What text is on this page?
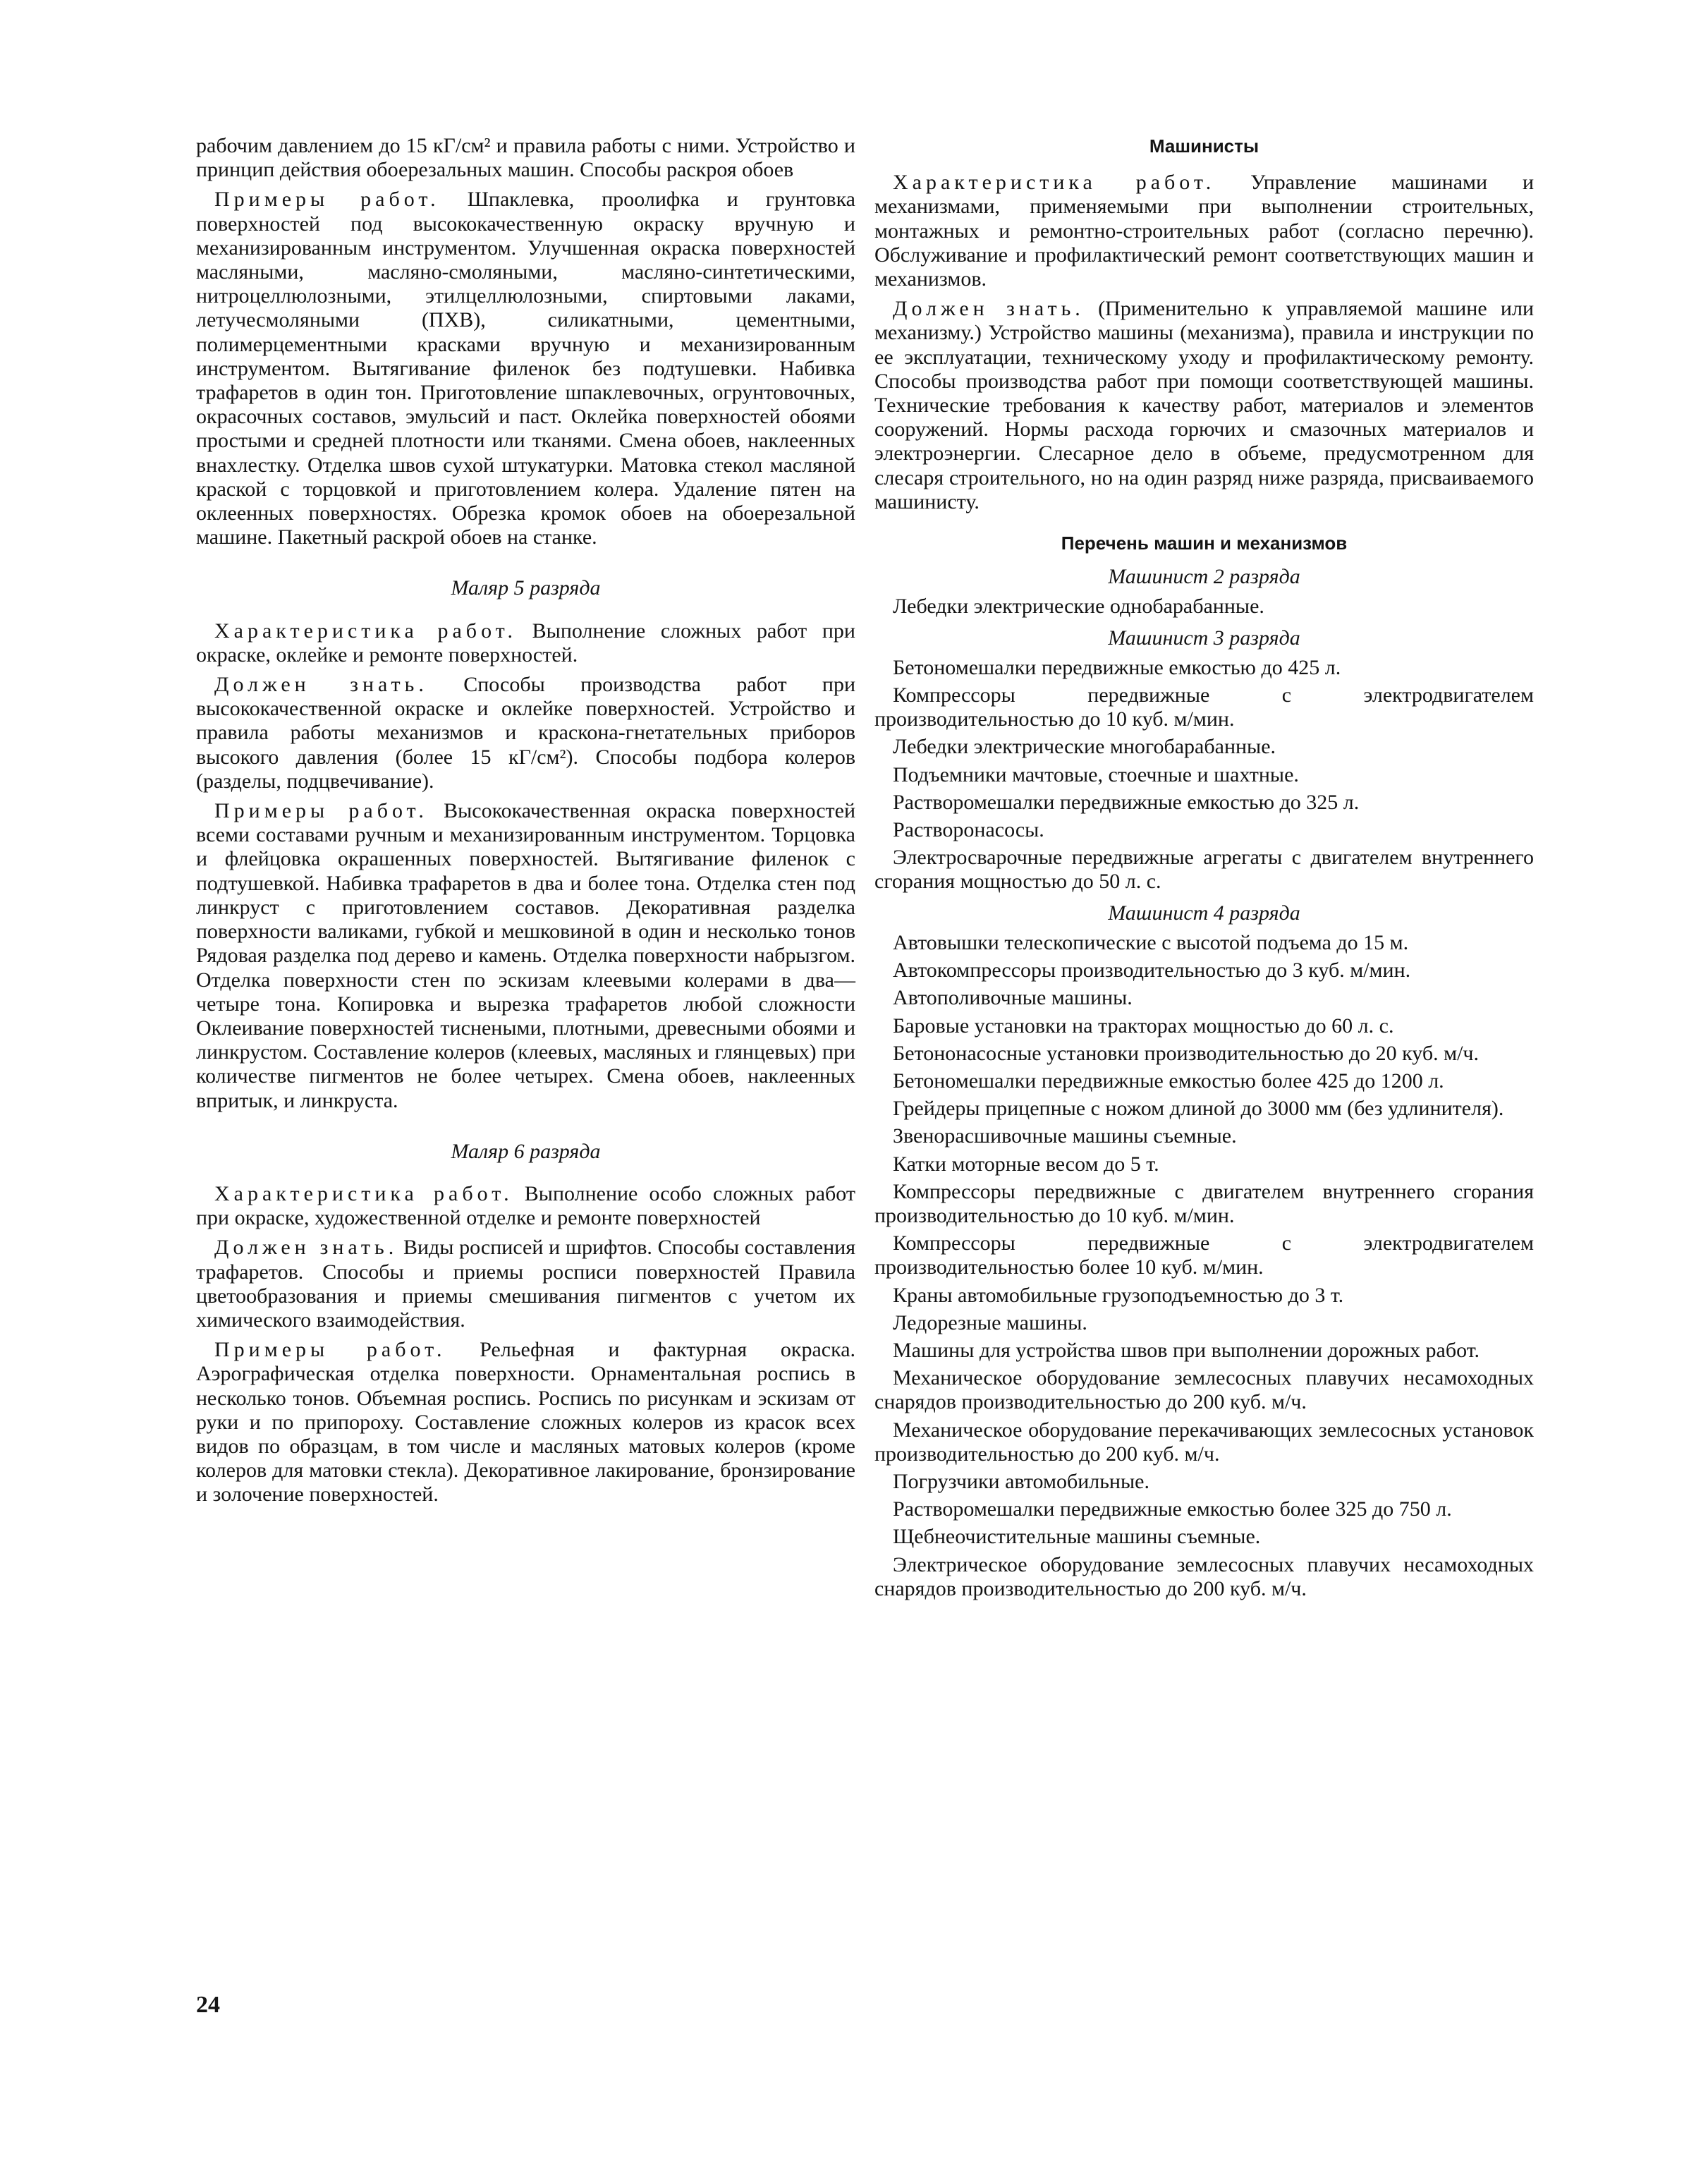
рабочим давлением до 15 кГ/см² и правила работы с ними. Устройство и принцип действия обоерезальных машин. Способы раскроя обоев

Примеры работ. Шпаклевка, проолифка и грунтовка поверхностей под высококачественную окраску вручную и механизированным инструментом. Улучшенная окраска поверхностей масляными, масляно-смоляными, масляно-синтетическими, нитроцеллюлозными, этилцеллюлозными, спиртовыми лаками, летучесмоляными (ПХВ), силикатными, цементными, полимерцементными красками вручную и механизированным инструментом. Вытягивание филенок без подтушевки. Набивка трафаретов в один тон. Приготовление шпаклевочных, огрунтовочных, окрасочных составов, эмульсий и паст. Оклейка поверхностей обоями простыми и средней плотности или тканями. Смена обоев, наклеенных внахлестку. Отделка швов сухой штукатурки. Матовка стекол масляной краской с торцовкой и приготовлением колера. Удаление пятен на оклеенных поверхностях. Обрезка кромок обоев на обоерезальной машине. Пакетный раскрой обоев на станке.

Маляр 5 разряда

Характеристика работ. Выполнение сложных работ при окраске, оклейке и ремонте поверхностей.

Должен знать. Способы производства работ при высококачественной окраске и оклейке поверхностей. Устройство и правила работы механизмов и краскона-гнетательных приборов высокого давления (более 15 кГ/см²). Способы подбора колеров (разделы, подцвечивание).

Примеры работ. Высококачественная окраска поверхностей всеми составами ручным и механизированным инструментом. Торцовка и флейцовка окрашенных поверхностей. Вытягивание филенок с подтушевкой. Набивка трафаретов в два и более тона. Отделка стен под линкруст с приготовлением составов. Декоративная разделка поверхности валиками, губкой и мешковиной в один и несколько тонов Рядовая разделка под дерево и камень. Отделка поверхности набрызгом. Отделка поверхности стен по эскизам клеевыми колерами в два—четыре тона. Копировка и вырезка трафаретов любой сложности Оклеивание поверхностей тиснеными, плотными, древесными обоями и линкрустом. Составление колеров (клеевых, масляных и глянцевых) при количестве пигментов не более четырех. Смена обоев, наклеенных впритык, и линкруста.

Маляр 6 разряда

Характеристика работ. Выполнение особо сложных работ при окраске, художественной отделке и ремонте поверхностей

Должен знать. Виды росписей и шрифтов. Способы составления трафаретов. Способы и приемы росписи поверхностей Правила цветообразования и приемы смешивания пигментов с учетом их химического взаимодействия.

Примеры работ. Рельефная и фактурная окраска. Аэрографическая отделка поверхности. Орнаментальная роспись в несколько тонов. Объемная роспись. Роспись по рисункам и эскизам от руки и по припороху. Составление сложных колеров из красок всех видов по образцам, в том числе и масляных матовых колеров (кроме колеров для матовки стекла). Декоративное лакирование, бронзирование и золочение поверхностей.

Машинисты

Характеристика работ. Управление машинами и механизмами, применяемыми при выполнении строительных, монтажных и ремонтно-строительных работ (согласно перечню). Обслуживание и профилактический ремонт соответствующих машин и механизмов.

Должен знать. (Применительно к управляемой машине или механизму.) Устройство машины (механизма), правила и инструкции по ее эксплуатации, техническому уходу и профилактическому ремонту. Способы производства работ при помощи соответствующей машины. Технические требования к качеству работ, материалов и элементов сооружений. Нормы расхода горючих и смазочных материалов и электроэнергии. Слесарное дело в объеме, предусмотренном для слесаря строительного, но на один разряд ниже разряда, присваиваемого машинисту.

Перечень машин и механизмов

Машинист 2 разряда

Лебедки электрические однобарабанные.

Машинист 3 разряда

Бетономешалки передвижные емкостью до 425 л.

Компрессоры передвижные с электродвигателем производительностью до 10 куб. м/мин.

Лебедки электрические многобарабанные.

Подъемники мачтовые, стоечные и шахтные.

Растворомешалки передвижные емкостью до 325 л.

Растворонасосы.

Электросварочные передвижные агрегаты с двигателем внутреннего сгорания мощностью до 50 л. с.

Машинист 4 разряда

Автовышки телескопические с высотой подъема до 15 м.

Автокомпрессоры производительностью до 3 куб. м/мин.

Автополивочные машины.

Баровые установки на тракторах мощностью до 60 л. с.

Бетононасосные установки производительностью до 20 куб. м/ч.

Бетономешалки передвижные емкостью более 425 до 1200 л.

Грейдеры прицепные с ножом длиной до 3000 мм (без удлинителя).

Звенорасшивочные машины съемные.

Катки моторные весом до 5 т.

Компрессоры передвижные с двигателем внутреннего сгорания производительностью до 10 куб. м/мин.

Компрессоры передвижные с электродвигателем производительностью более 10 куб. м/мин.

Краны автомобильные грузоподъемностью до 3 т.

Ледорезные машины.

Машины для устройства швов при выполнении дорожных работ.

Механическое оборудование землесосных плавучих несамоходных снарядов производительностью до 200 куб. м/ч.

Механическое оборудование перекачивающих землесосных установок производительностью до 200 куб. м/ч.

Погрузчики автомобильные.

Растворомешалки передвижные емкостью более 325 до 750 л.

Щебнеочистительные машины съемные.

Электрическое оборудование землесосных плавучих несамоходных снарядов производительностью до 200 куб. м/ч.

24
